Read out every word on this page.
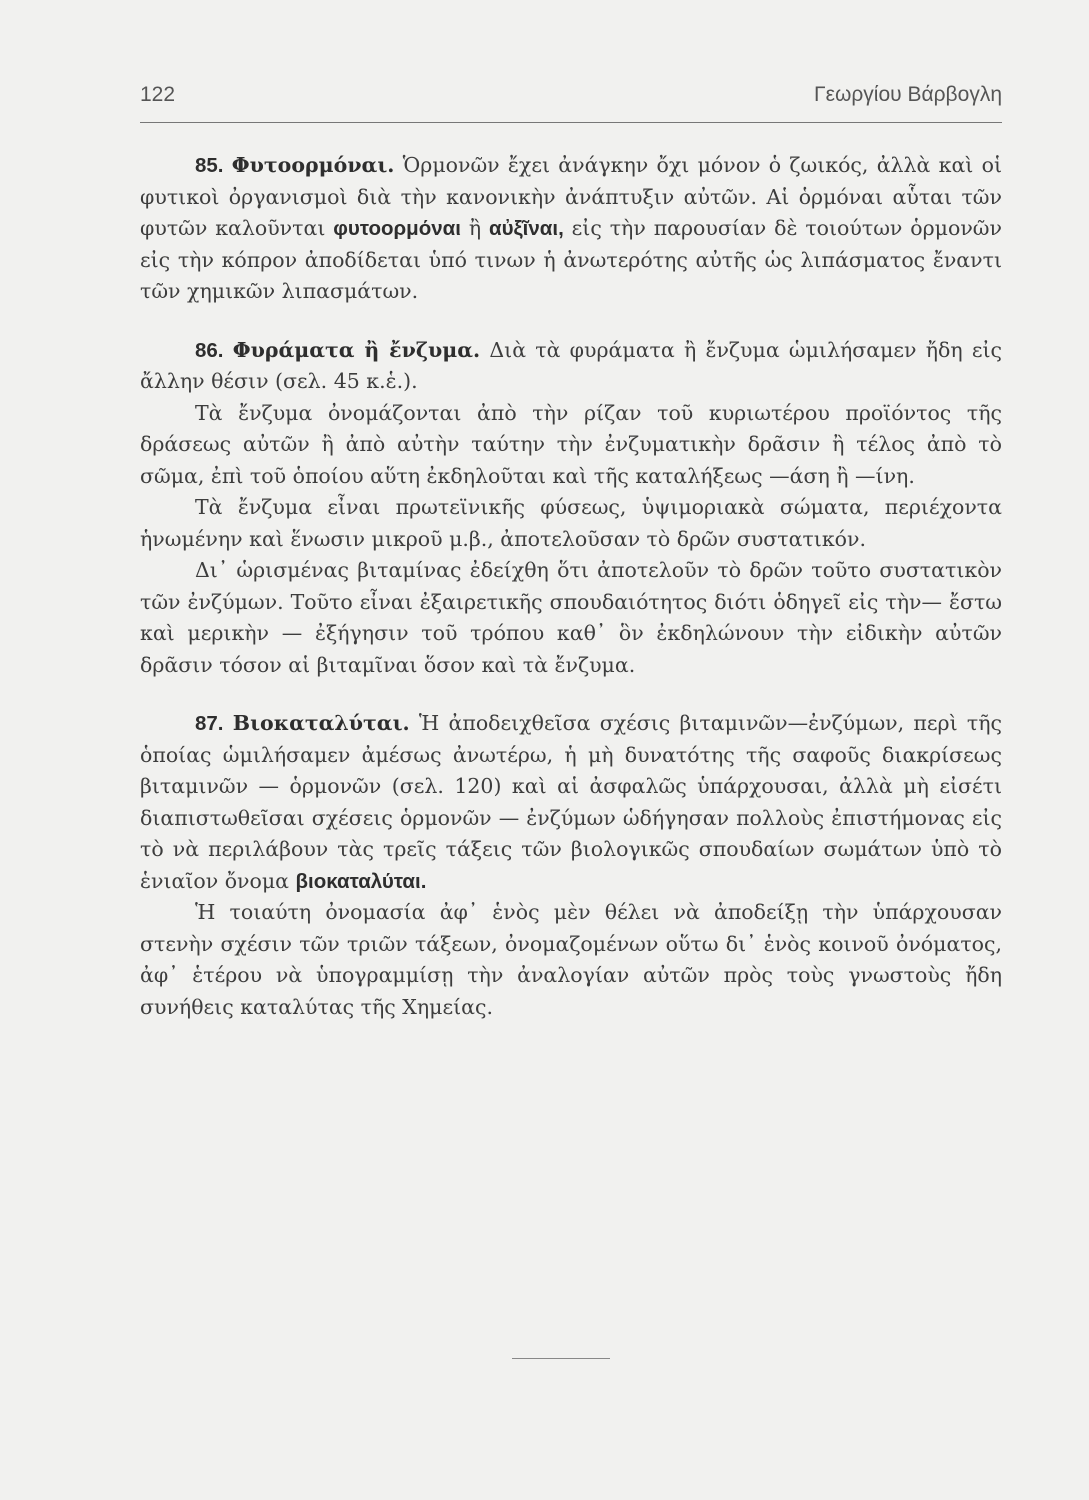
122	Γεωργίου Βάρβογλη

85. Φυτοορμόναι. Ὁρμονῶν ἔχει ἀνάγκην ὄχι μόνον ὁ ζωικός, ἀλλὰ καὶ οἱ φυτικοὶ ὀργανισμοὶ διὰ τὴν κανονικὴν ἀνάπτυξιν αὐτῶν. Αἱ ὁρμόναι αὗται τῶν φυτῶν καλοῦνται φυτοορμόναι ἢ αὐξῖναι, εἰς τὴν παρουσίαν δὲ τοιούτων ὁρμονῶν εἰς τὴν κόπρον ἀποδίδεται ὑπό τινων ἡ ἀνωτερότης αὐτῆς ὡς λιπάσματος ἔναντι τῶν χημικῶν λιπασμάτων.

86. Φυράματα ἢ ἔνζυμα. Διὰ τὰ φυράματα ἢ ἔνζυμα ὡμιλήσαμεν ἤδη εἰς ἄλλην θέσιν (σελ. 45 κ.ἑ.).

Τὰ ἔνζυμα ὀνομάζονται ἀπὸ τὴν ρίζαν τοῦ κυριωτέρου προϊόντος τῆς δράσεως αὐτῶν ἢ ἀπὸ αὐτὴν ταύτην τὴν ἐνζυματικὴν δρᾶσιν ἢ τέλος ἀπὸ τὸ σῶμα, ἐπὶ τοῦ ὁποίου αὕτη ἐκδηλοῦται καὶ τῆς καταλήξεως —άση ἢ —ίνη.

Τὰ ἔνζυμα εἶναι πρωτεϊνικῆς φύσεως, ὑψιμοριακὰ σώματα, περιέχοντα ἡνωμένην καὶ ἕνωσιν μικροῦ μ.β., ἀποτελοῦσαν τὸ δρῶν συστατικόν.

Δι᾽ ὡρισμένας βιταμίνας ἐδείχθη ὅτι ἀποτελοῦν τὸ δρῶν τοῦτο συστατικὸν τῶν ἐνζύμων. Τοῦτο εἶναι ἐξαιρετικῆς σπουδαιότητος διότι ὁδηγεῖ εἰς τὴν— ἔστω καὶ μερικὴν — ἐξήγησιν τοῦ τρόπου καθ᾽ ὃν ἐκδηλώνουν τὴν εἰδικὴν αὐτῶν δρᾶσιν τόσον αἱ βιταμῖναι ὅσον καὶ τὰ ἔνζυμα.

87. Βιοκαταλύται. Ἡ ἀποδειχθεῖσα σχέσις βιταμινῶν—ἐνζύμων, περὶ τῆς ὁποίας ὡμιλήσαμεν ἀμέσως ἀνωτέρω, ἡ μὴ δυνατότης τῆς σαφοῦς διακρίσεως βιταμινῶν — ὁρμονῶν (σελ. 120) καὶ αἱ ἀσφαλῶς ὑπάρχουσαι, ἀλλὰ μὴ εἰσέτι διαπιστωθεῖσαι σχέσεις ὁρμονῶν — ἐνζύμων ὡδήγησαν πολλοὺς ἐπιστήμονας εἰς τὸ νὰ περιλάβουν τὰς τρεῖς τάξεις τῶν βιολογικῶς σπουδαίων σωμάτων ὑπὸ τὸ ἑνιαῖον ὄνομα βιοκαταλύται.

Ἡ τοιαύτη ὀνομασία ἀφ᾽ ἑνὸς μὲν θέλει νὰ ἀποδείξῃ τὴν ὑπάρχουσαν στενὴν σχέσιν τῶν τριῶν τάξεων, ὀνομαζομένων οὕτω δι᾽ ἑνὸς κοινοῦ ὀνόματος, ἀφ᾽ ἑτέρου νὰ ὑπογραμμίσῃ τὴν ἀναλογίαν αὐτῶν πρὸς τοὺς γνωστοὺς ἤδη συνήθεις καταλύτας τῆς Χημείας.
